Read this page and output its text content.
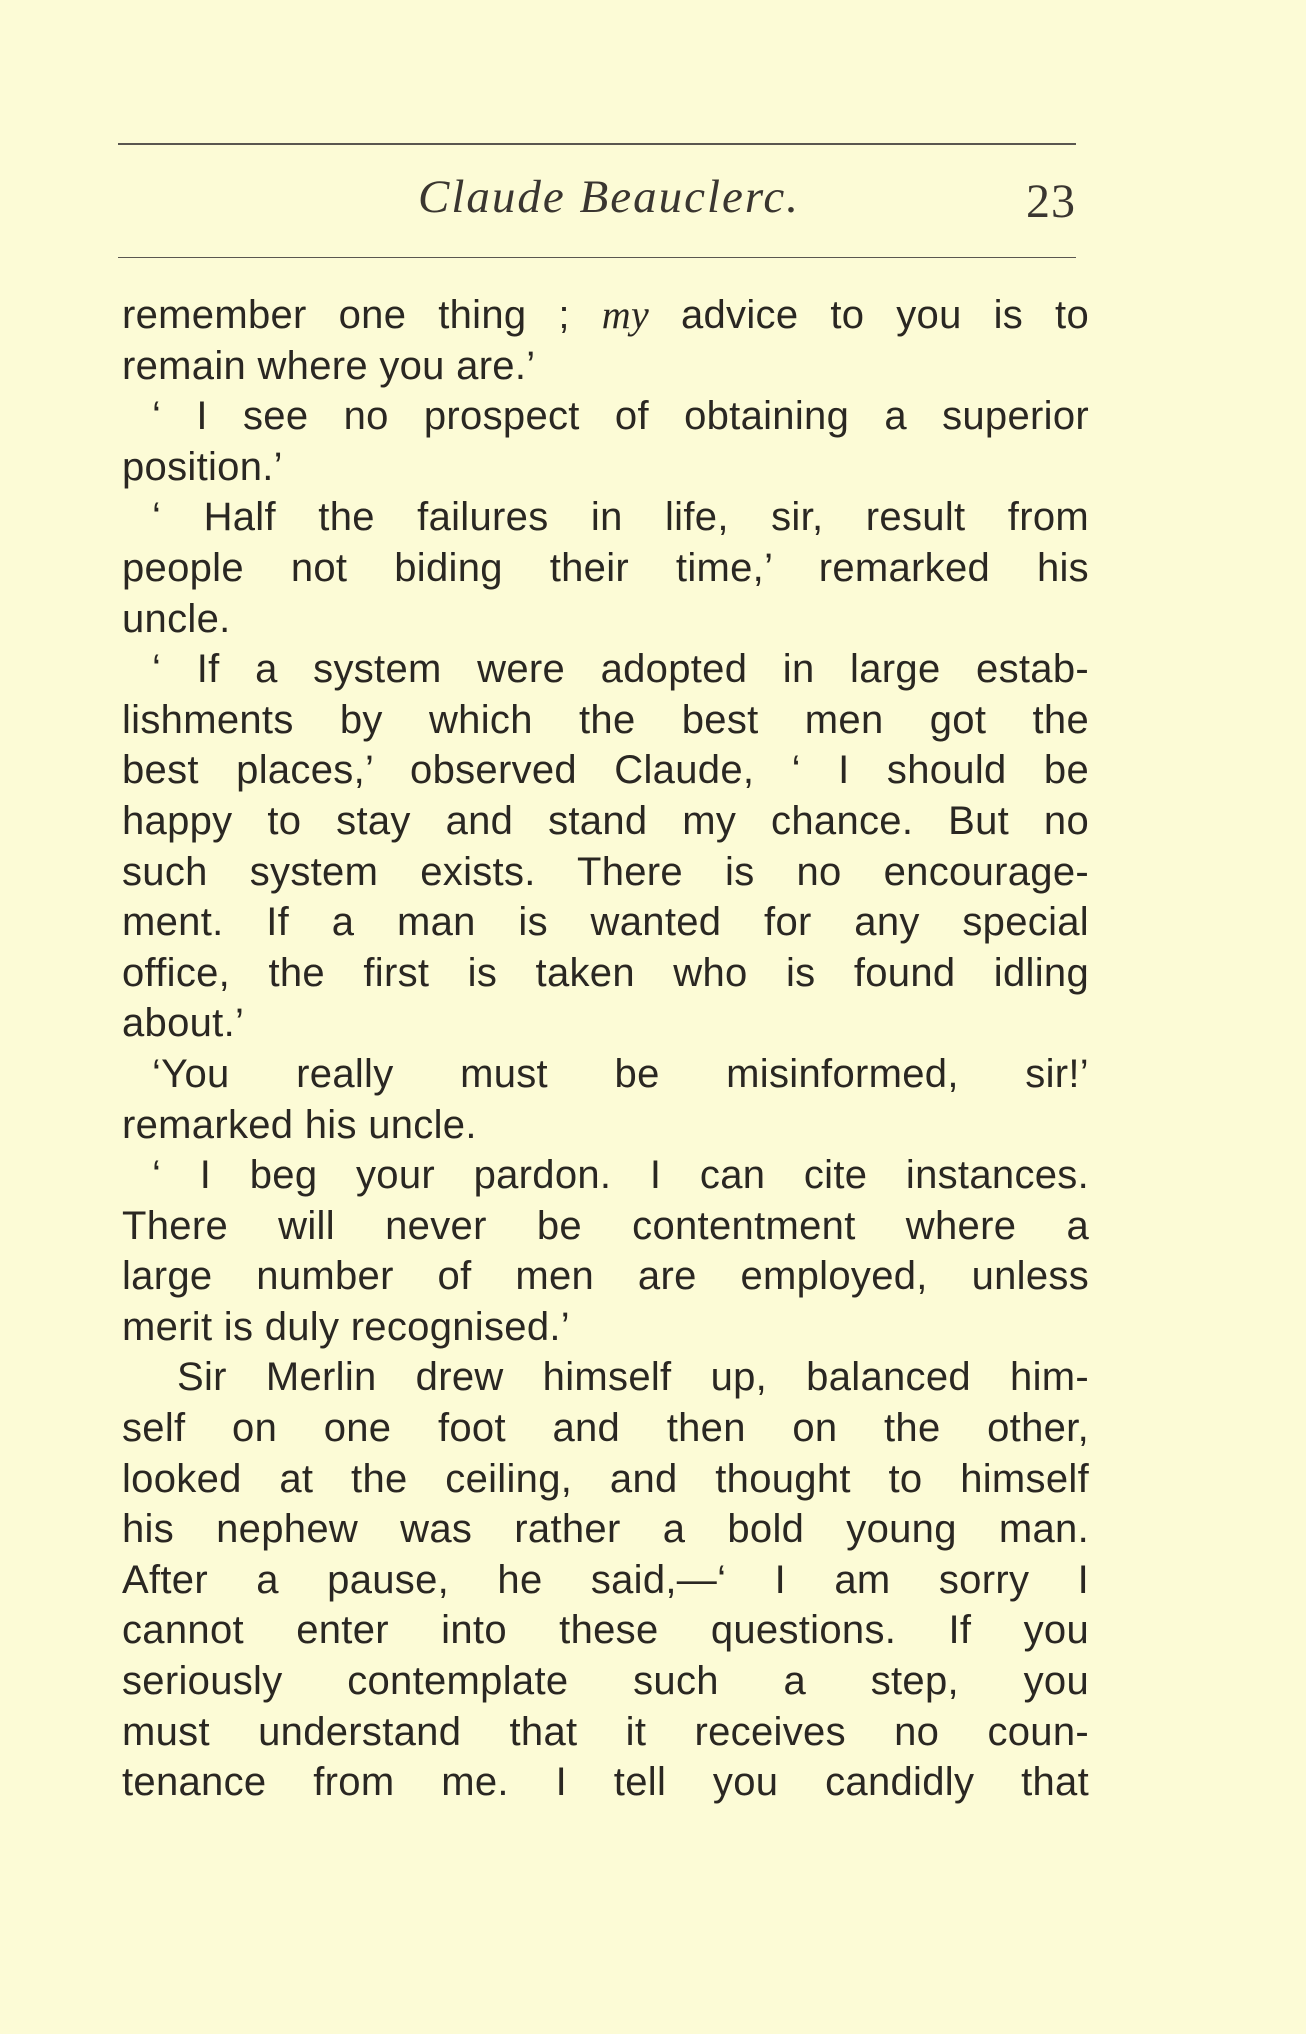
Claude Beauclerc.	23
remember one thing ; my advice to you is to
remain where you are.’
‘ I see no prospect of obtaining a superior
position.’
‘ Half the failures in life, sir, result from
people not biding their time,’ remarked his
uncle.
‘ If a system were adopted in large estab-
lishments by which the best men got the
best places,’ observed Claude, ‘ I should be
happy to stay and stand my chance. But no
such system exists. There is no encourage-
ment. If a man is wanted for any special
office, the first is taken who is found idling
about.’
‘You really must be misinformed, sir!’
remarked his uncle.
‘ I beg your pardon. I can cite instances.
There will never be contentment where a
large number of men are employed, unless
merit is duly recognised.’
Sir Merlin drew himself up, balanced him-
self on one foot and then on the other,
looked at the ceiling, and thought to himself
his nephew was rather a bold young man.
After a pause, he said,—‘ I am sorry I
cannot enter into these questions. If you
seriously contemplate such a step, you
must understand that it receives no coun-
tenance from me. I tell you candidly that
